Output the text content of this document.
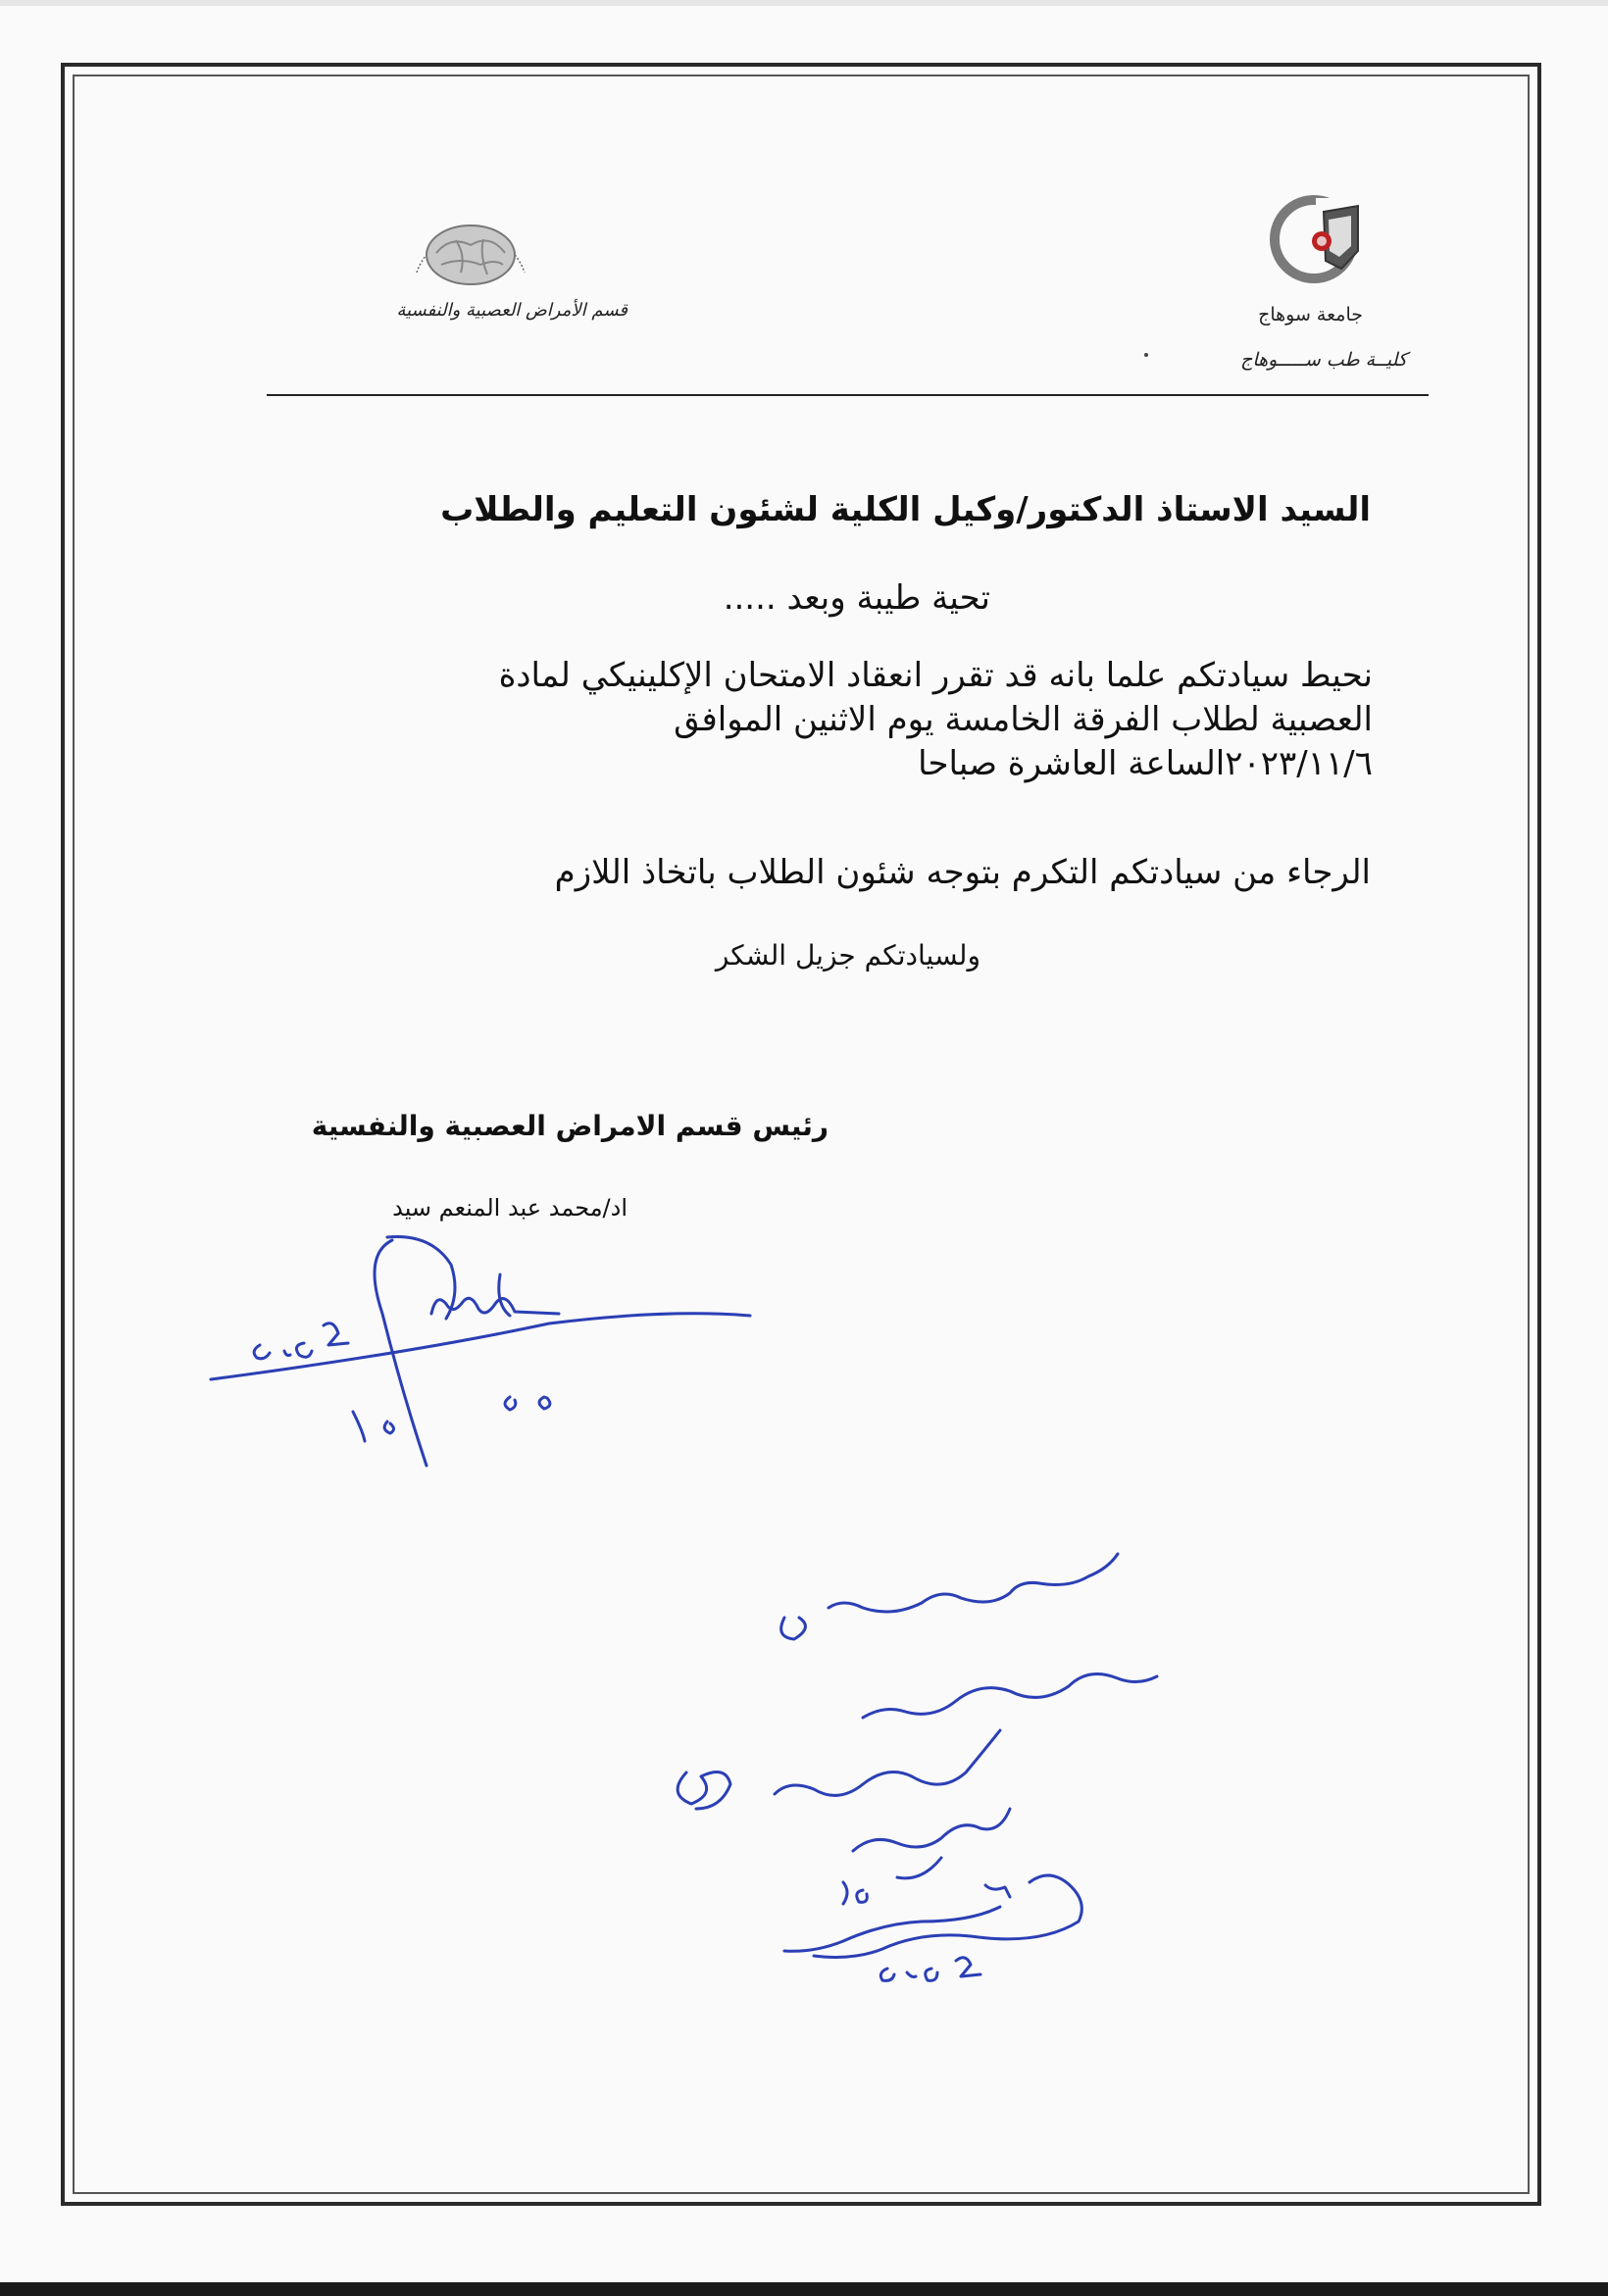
جامعة سوهاج
كليــة طب ســـــوهاج
قسم الأمراض العصبية والنفسية
السيد الاستاذ الدكتور/وكيل الكلية لشئون التعليم والطلاب
تحية طيبة وبعد .....
نحيط سيادتكم علما بانه قد تقرر انعقاد الامتحان الإكلينيكي لمادة
العصبية لطلاب الفرقة الخامسة يوم الاثنين الموافق
٢٠٢٣/١١/٦الساعة العاشرة صباحا
الرجاء من سيادتكم التكرم بتوجه شئون الطلاب باتخاذ اللازم
ولسيادتكم جزيل الشكر
رئيس قسم الامراض العصبية والنفسية
اد/محمد عبد المنعم سيد
